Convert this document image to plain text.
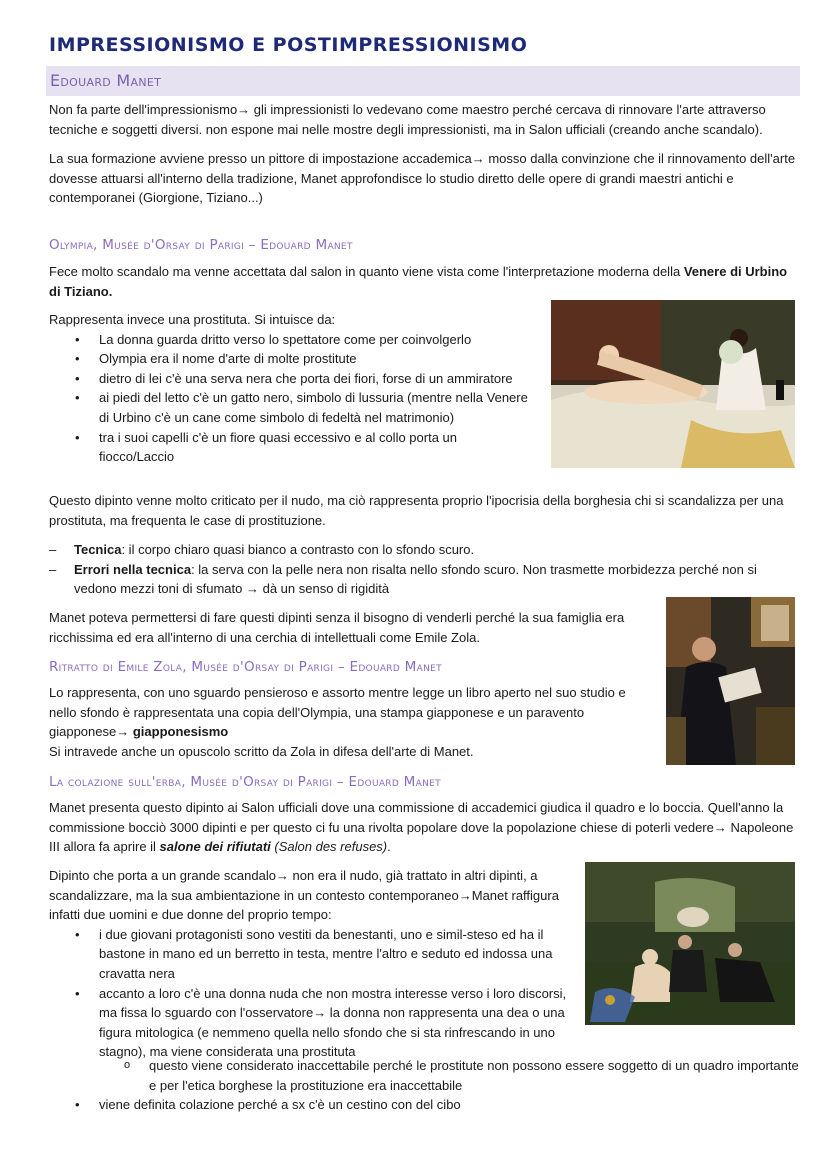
IMPRESSIONISMO E POSTIMPRESSIONISMO
Edouard Manet

Non fa parte dell'impressionismo→ gli impressionisti lo vedevano come maestro perché cercava di rinnovare l'arte attraverso tecniche e soggetti diversi. non espone mai nelle mostre degli impressionisti, ma in Salon ufficiali (creando anche scandalo).

La sua formazione avviene presso un pittore di impostazione accademica→ mosso dalla convinzione che il rinnovamento dell'arte dovesse attuarsi all'interno della tradizione, Manet approfondisce lo studio diretto delle opere di grandi maestri antichi e contemporanei (Giorgione, Tiziano...)

Olympia, Musée d'Orsay di Parigi – Edouard Manet

Fece molto scandalo ma venne accettata dal salon in quanto viene vista come l'interpretazione moderna della Venere di Urbino di Tiziano.

Rappresenta invece una prostituta. Si intuisce da:

• La donna guarda dritto verso lo spettatore come per coinvolgerlo
• Olympia era il nome d'arte di molte prostitute
• dietro di lei c'è una serva nera che porta dei fiori, forse di un ammiratore
• ai piedi del letto c'è un gatto nero, simbolo di lussuria (mentre nella Venere di Urbino c'è un cane come simbolo di fedeltà nel matrimonio)
• tra i suoi capelli c'è un fiore quasi eccessivo e al collo porta un fiocco/Laccio

Questo dipinto venne molto criticato per il nudo, ma ciò rappresenta proprio l'ipocrisia della borghesia chi si scandalizza per una prostituta, ma frequenta le case di prostituzione.

– Tecnica: il corpo chiaro quasi bianco a contrasto con lo sfondo scuro.
– Errori nella tecnica: la serva con la pelle nera non risalta nello sfondo scuro. Non trasmette morbidezza perché non si vedono mezzi toni di sfumato → dà un senso di rigidità

Manet poteva permettersi di fare questi dipinti senza il bisogno di venderli perché la sua famiglia era ricchissima ed era all'interno di una cerchia di intellettuali come Emile Zola.

Ritratto di Emile Zola, Musée d'Orsay di Parigi – Edouard Manet

Lo rappresenta, con uno sguardo pensieroso e assorto mentre legge un libro aperto nel suo studio e nello sfondo è rappresentata una copia dell'Olympia, una stampa giapponese e un paravento giapponese→ giapponesismo

Si intravede anche un opuscolo scritto da Zola in difesa dell'arte di Manet.

La colazione sull'erba, Musée d'Orsay di Parigi – Edouard Manet

Manet presenta questo dipinto ai Salon ufficiali dove una commissione di accademici giudica il quadro e lo boccia. Quell'anno la commissione bocciò 3000 dipinti e per questo ci fu una rivolta popolare dove la popolazione chiese di poterli vedere→ Napoleone III allora fa aprire il salone dei rifiutati (Salon des refuses).

Dipinto che porta a un grande scandalo→ non era il nudo, già trattato in altri dipinti, a scandalizzare, ma la sua ambientazione in un contesto contemporaneo→Manet raffigura infatti due uomini e due donne del proprio tempo:

• i due giovani protagonisti sono vestiti da benestanti, uno e simil-steso ed ha il bastone in mano ed un berretto in testa, mentre l'altro e seduto ed indossa una cravatta nera
• accanto a loro c'è una donna nuda che non mostra interesse verso i loro discorsi, ma fissa lo sguardo con l'osservatore→ la donna non rappresenta una dea o una figura mitologica (e nemmeno quella nello sfondo che si sta rinfrescando in uno stagno), ma viene considerata una prostituta
o questo viene considerato inaccettabile perché le prostitute non possono essere soggetto di un quadro importante e per l'etica borghese la prostituzione era inaccettabile
• viene definita colazione perché a sx c'è un cestino con del cibo
